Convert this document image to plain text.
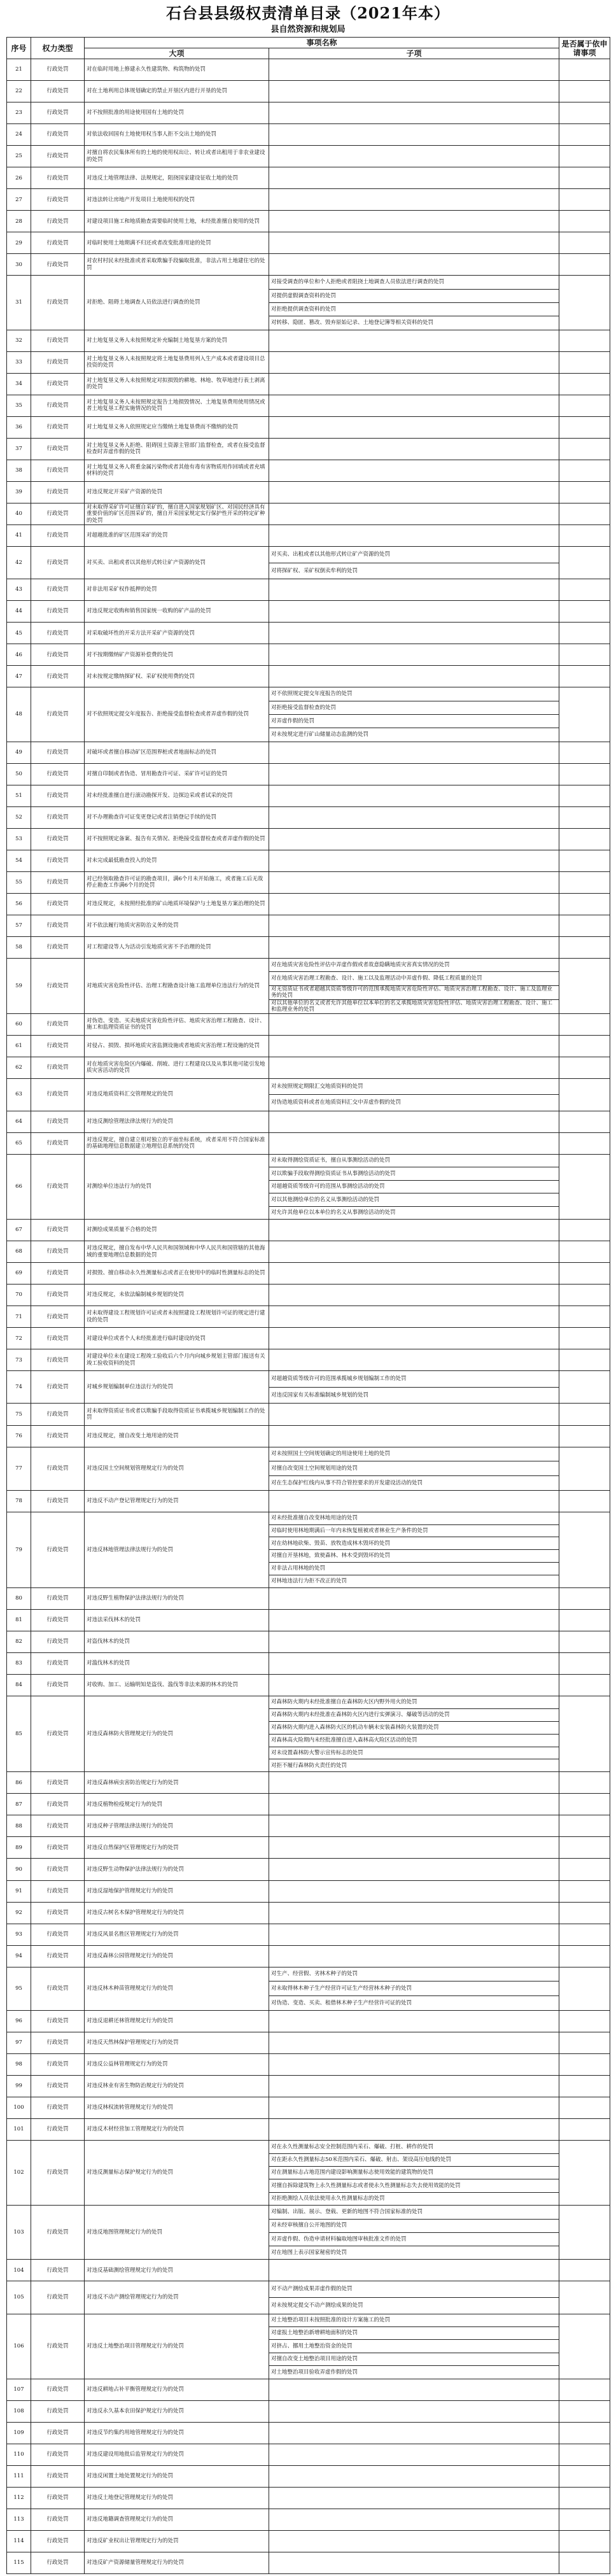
石台县县级权责清单目录（2021年本）
县自然资源和规划局
序号	权力类型	事项名称		是否属于依申请事项
		大项	子项	
21	行政处罚	对在临时用地上修建永久性建筑物、构筑物的处罚		
22	行政处罚	对在土地利用总体规划确定的禁止开垦区内进行开垦的处罚		
23	行政处罚	对不按照批准的用途使用国有土地的处罚		
24	行政处罚	对依法收回国有土地使用权当事人拒不交出土地的处罚		
25	行政处罚	对擅自将农民集体所有的土地的使用权出让、转让或者出租用于非农业建设的处罚		
26	行政处罚	对违反土地管理法律、法规规定，阻挠国家建设征收土地的处罚		
27	行政处罚	对违法转让房地产开发项目土地使用权的处罚		
28	行政处罚	对建设项目施工和地质勘查需要临时使用土地，未经批准擅自使用的处罚		
29	行政处罚	对临时使用土地期满不归还或者改变批准用途的处罚		
30	行政处罚	对农村村民未经批准或者采取欺骗手段骗取批准，非法占用土地建住宅的处罚		
31	行政处罚	对拒绝、阻碍土地调查人员依法进行调查的处罚	对接受调查的单位和个人拒绝或者阻挠土地调查人员依法进行调查的处罚	
			对提供虚假调查资料的处罚	
			对拒绝提供调查资料的处罚	
			对转移、隐匿、篡改、毁弃原始记录、土地登记簿等相关资料的处罚	
32	行政处罚	对土地复垦义务人未按照规定补充编制土地复垦方案的处罚		
33	行政处罚	对土地复垦义务人未按照规定将土地复垦费用列入生产成本或者建设项目总投资的处罚		
34	行政处罚	对土地复垦义务人未按照规定对拟损毁的耕地、林地、牧草地进行表土剥离的处罚		
35	行政处罚	对土地复垦义务人未按照规定报告土地损毁情况、土地复垦费用使用情况或者土地复垦工程实施情况的处罚		
36	行政处罚	对土地复垦义务人依照规定应当缴纳土地复垦费而不缴纳的处罚		
37	行政处罚	对土地复垦义务人拒绝、阻碍国土资源主管部门监督检查，或者在接受监督检查时弄虚作假的处罚		
38	行政处罚	对土地复垦义务人将重金属污染物或者其他有毒有害物质用作回填或者充填材料的处罚		
39	行政处罚	对违反规定开采矿产资源的处罚		
40	行政处罚	对未取得采矿许可证擅自采矿的，擅自进入国家规划矿区、对国民经济具有重要价值的矿区范围采矿的，擅自开采国家规定实行保护性开采的特定矿种的处罚		
41	行政处罚	对超越批准的矿区范围采矿的处罚		
42	行政处罚	对买卖、出租或者以其他形式转让矿产资源的处罚	对买卖、出租或者以其他形式转让矿产资源的处罚	
			对将探矿权、采矿权倒卖牟利的处罚	
43	行政处罚	对非法用采矿权作抵押的处罚		
44	行政处罚	对违反规定收购和销售国家统一收购的矿产品的处罚		
45	行政处罚	对采取破坏性的开采方法开采矿产资源的处罚		
46	行政处罚	对不按期缴纳矿产资源补偿费的处罚		
47	行政处罚	对未按规定缴纳探矿权、采矿权使用费的处罚		
48	行政处罚	对不依照规定提交年度报告、拒绝接受监督检查或者弄虚作假的处罚	对不依照规定提交年度报告的处罚	
			对拒绝接受监督检查的处罚	
			对弄虚作假的处罚	
			对未按规定进行矿山储量动态监测的处罚	
49	行政处罚	对破坏或者擅自移动矿区范围界桩或者地面标志的处罚		
50	行政处罚	对擅自印制或者伪造、冒用勘查许可证、采矿许可证的处罚		
51	行政处罚	对未经批准擅自进行滚动勘探开发、边探边采或者试采的处罚		
52	行政处罚	对不办理勘查许可证变更登记或者注销登记手续的处罚		
53	行政处罚	对不按照规定备案、报告有关情况、拒绝接受监督检查或者弄虚作假的处罚		
54	行政处罚	对未完成最低勘查投入的处罚		
55	行政处罚	对已经领取勘查许可证的勘查项目，满6个月未开始施工，或者施工后无故停止勘查工作满6个月的处罚		
56	行政处罚	对违反规定，未按照经批准的矿山地质环境保护与土地复垦方案治理的处罚		
57	行政处罚	对不依法履行地质灾害防治义务的处罚		
58	行政处罚	对工程建设等人为活动引发地质灾害不予治理的处罚		
59	行政处罚	对地质灾害危险性评估、治理工程勘查设计施工监理单位违法行为的处罚	对在地质灾害危险性评估中弄虚作假或者故意隐瞒地质灾害真实情况的处罚	
			对在地质灾害治理工程勘查、设计、施工以及监理活动中弄虚作假、降低工程质量的处罚	
			对无资质证书或者超越其资质等级许可的范围承揽地质灾害危险性评估、地质灾害治理工程勘查、设计、施工及监理业务的处罚	
			对以其他单位的名义或者允许其他单位以本单位的名义承揽地质灾害危险性评估、地质灾害治理工程勘查、设计、施工和监理业务的处罚	
60	行政处罚	对伪造、变造、买卖地质灾害危险性评估、地质灾害治理工程勘查、设计、施工和监理资质证书的处罚		
61	行政处罚	对侵占、损毁、损坏地质灾害监测设施或者地质灾害治理工程设施的处罚		
62	行政处罚	对在地质灾害危险区内爆破、削坡、进行工程建设以及从事其他可能引发地质灾害活动的处罚		
63	行政处罚	对违反地质资料汇交管理规定的处罚	对未按照规定期限汇交地质资料的处罚	
			对伪造地质资料或者在地质资料汇交中弄虚作假的处罚	
64	行政处罚	对违反测绘管理法律法规行为的处罚		
65	行政处罚	对违反规定，擅自建立相对独立的平面坐标系统，或者采用不符合国家标准的基础地理信息数据建立地理信息系统的处罚		
66	行政处罚	对测绘单位违法行为的处罚	对未取得测绘资质证书，擅自从事测绘活动的处罚	
			对以欺骗手段取得测绘资质证书从事测绘活动的处罚	
			对超越资质等级许可的范围从事测绘活动的处罚	
			对以其他测绘单位的名义从事测绘活动的处罚	
			对允许其他单位以本单位的名义从事测绘活动的处罚	
67	行政处罚	对测绘成果质量不合格的处罚		
68	行政处罚	对违反规定，擅自发布中华人民共和国领域和中华人民共和国管辖的其他海域的重要地理信息数据的处罚		
69	行政处罚	对损毁、擅自移动永久性测量标志或者正在使用中的临时性测量标志的处罚		
70	行政处罚	对违反规定，未依法编制城乡规划的处罚		
71	行政处罚	对未取得建设工程规划许可证或者未按照建设工程规划许可证的规定进行建设的处罚		
72	行政处罚	对建设单位或者个人未经批准进行临时建设的处罚		
73	行政处罚	对建设单位未在建设工程竣工验收后六个月内向城乡规划主管部门报送有关竣工验收资料的处罚		
74	行政处罚	对城乡规划编制单位违法行为的处罚	对超越资质等级许可的范围承揽城乡规划编制工作的处罚	
			对违反国家有关标准编制城乡规划的处罚	
75	行政处罚	对未取得资质证书或者以欺骗手段取得资质证书承揽城乡规划编制工作的处罚		
76	行政处罚	对违反规定，擅自改变土地用途的处罚		
77	行政处罚	对违反国土空间规划管理规定行为的处罚	对未按照国土空间规划确定的用途使用土地的处罚	
			对擅自改变国土空间规划用途的处罚	
			对在生态保护红线内从事不符合管控要求的开发建设活动的处罚	
78	行政处罚	对违反不动产登记管理规定行为的处罚		
79	行政处罚	对违反林地管理法律法规行为的处罚	对未经批准擅自改变林地用途的处罚	
			对临时使用林地期满后一年内未恢复植被或者林业生产条件的处罚	
			对在幼林地砍柴、毁苗、放牧造成林木毁坏的处罚	
			对擅自开垦林地，致使森林、林木受到毁坏的处罚	
			对非法占用林地的处罚	
			对林地违法行为拒不改正的处罚	
80	行政处罚	对违反野生植物保护法律法规行为的处罚		
81	行政处罚	对违法采伐林木的处罚		
82	行政处罚	对盗伐林木的处罚		
83	行政处罚	对滥伐林木的处罚		
84	行政处罚	对收购、加工、运输明知是盗伐、滥伐等非法来源的林木的处罚		
85	行政处罚	对违反森林防火管理规定行为的处罚	对森林防火期内未经批准擅自在森林防火区内野外用火的处罚	
			对森林防火期内未经批准在森林防火区内进行实弹演习、爆破等活动的处罚	
			对森林防火期内进入森林防火区的机动车辆未安装森林防火装置的处罚	
			对森林高火险期内未经批准擅自进入森林高火险区活动的处罚	
			对未设置森林防火警示宣传标志的处罚	
			对拒不履行森林防火责任的处罚	
86	行政处罚	对违反森林病虫害防治规定行为的处罚		
87	行政处罚	对违反植物检疫规定行为的处罚		
88	行政处罚	对违反种子管理法律法规行为的处罚		
89	行政处罚	对违反自然保护区管理规定行为的处罚		
90	行政处罚	对违反野生动物保护法律法规行为的处罚		
91	行政处罚	对违反湿地保护管理规定行为的处罚		
92	行政处罚	对违反古树名木保护管理规定行为的处罚		
93	行政处罚	对违反风景名胜区管理规定行为的处罚		
94	行政处罚	对违反森林公园管理规定行为的处罚		
95	行政处罚	对违反林木种苗管理规定行为的处罚	对生产、经营假、劣林木种子的处罚	
			对未取得林木种子生产经营许可证生产经营林木种子的处罚	
			对伪造、变造、买卖、租借林木种子生产经营许可证的处罚	
96	行政处罚	对违反退耕还林管理规定行为的处罚		
97	行政处罚	对违反天然林保护管理规定行为的处罚		
98	行政处罚	对违反公益林管理规定行为的处罚		
99	行政处罚	对违反林业有害生物防治规定行为的处罚		
100	行政处罚	对违反林权流转管理规定行为的处罚		
101	行政处罚	对违反木材经营加工管理规定行为的处罚		
102	行政处罚	对违反测量标志保护规定行为的处罚	对在永久性测量标志安全控制范围内采石、爆破、打桩、耕作的处罚	
			对在距永久性测量标志50米范围内采石、爆破、射击、架设高压电线的处罚	
			对在测量标志占地范围内建设影响测量标志使用效能的建筑物的处罚	
			对擅自拆除建筑物上永久性测量标志或者使永久性测量标志失去使用效能的处罚	
			对拒绝测绘人员依法使用永久性测量标志的处罚	
103	行政处罚	对违反地图管理规定行为的处罚	对编制、出版、展示、登载、更新的地图不符合国家标准的处罚	
			对未经审核擅自公开地图的处罚	
			对弄虚作假、伪造申请材料骗取地图审核批准文件的处罚	
			对在地图上表示国家秘密的处罚	
104	行政处罚	对违反基础测绘管理规定行为的处罚		
105	行政处罚	对违反不动产测绘管理规定行为的处罚	对不动产测绘成果弄虚作假的处罚	
			对未按规定提交不动产测绘成果的处罚	
106	行政处罚	对违反土地整治项目管理规定行为的处罚	对土地整治项目未按照批准的设计方案施工的处罚	
			对虚报土地整治新增耕地面积的处罚	
			对挤占、挪用土地整治资金的处罚	
			对擅自改变土地整治项目用途的处罚	
			对土地整治项目验收弄虚作假的处罚	
107	行政处罚	对违反耕地占补平衡管理规定行为的处罚		
108	行政处罚	对违反永久基本农田保护规定行为的处罚		
109	行政处罚	对违反节约集约用地管理规定行为的处罚		
110	行政处罚	对违反建设用地批后监管规定行为的处罚		
111	行政处罚	对违反闲置土地处置规定行为的处罚		
112	行政处罚	对违反土地登记管理规定行为的处罚		
113	行政处罚	对违反地籍调查管理规定行为的处罚		
114	行政处罚	对违反矿业权出让管理规定行为的处罚		
115	行政处罚	对违反矿产资源储量管理规定行为的处罚		
